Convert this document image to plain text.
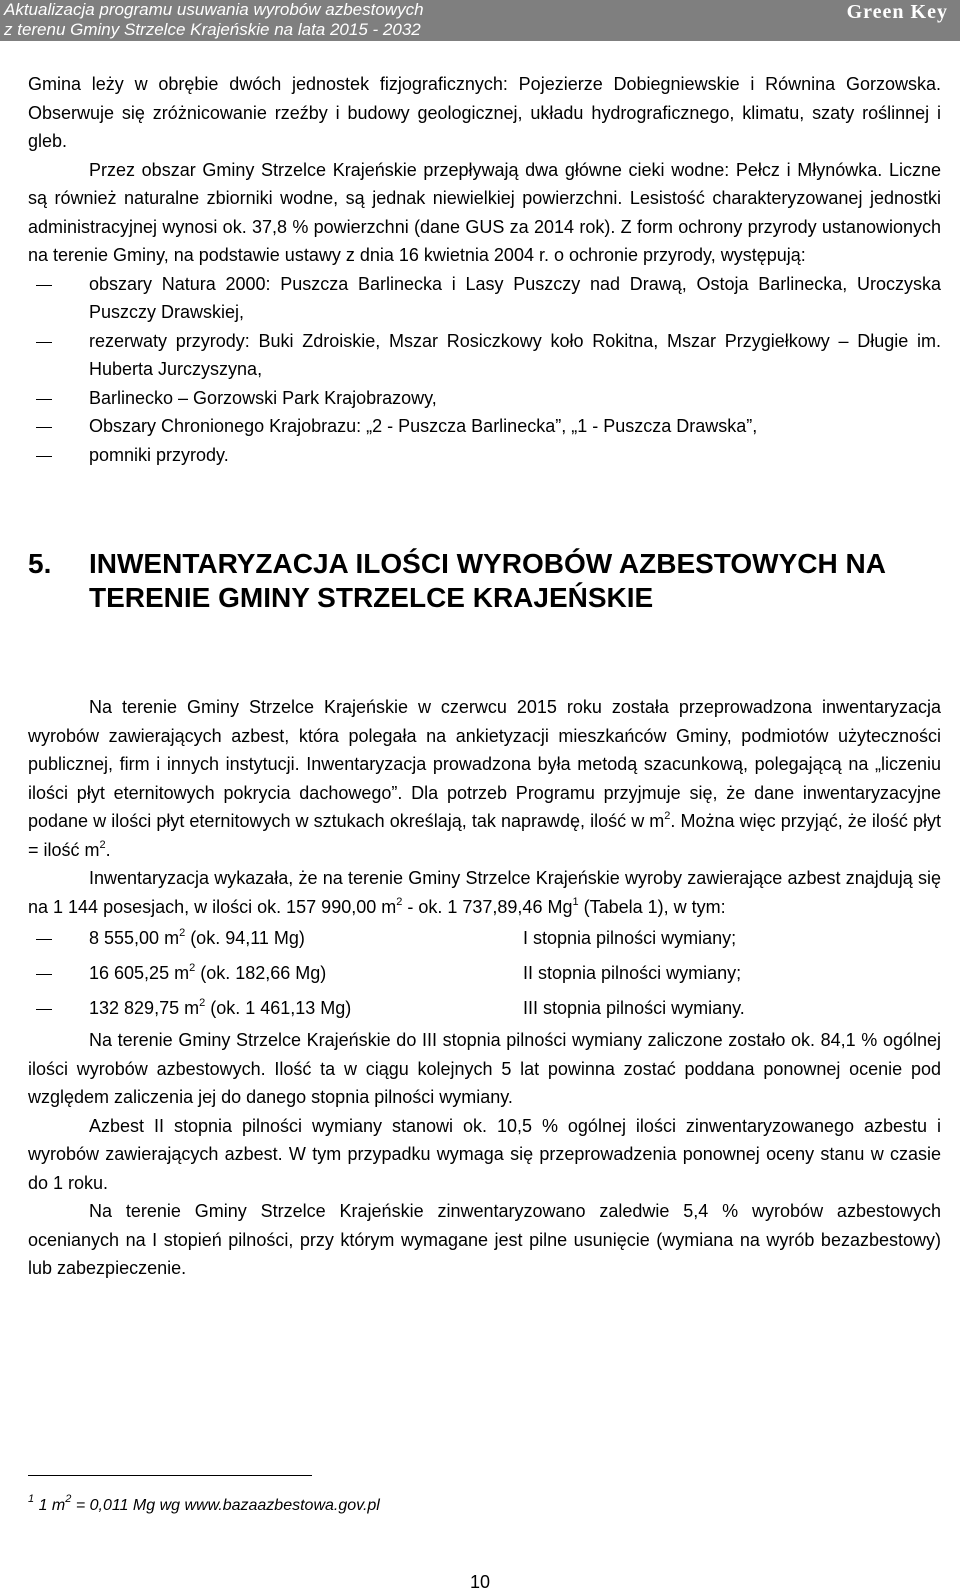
Aktualizacja programu usuwania wyrobów azbestowych
z terenu Gminy Strzelce Krajeńskie na lata 2015 - 2032
Green Key

Gmina leży w obrębie dwóch jednostek fizjograficznych: Pojezierze Dobiegniewskie i Równina Gorzowska. Obserwuje się zróżnicowanie rzeźby i budowy geologicznej, układu hydrograficznego, klimatu, szaty roślinnej i gleb.

Przez obszar Gminy Strzelce Krajeńskie przepływają dwa główne cieki wodne: Pełcz i Młynówka. Liczne są również naturalne zbiorniki wodne, są jednak niewielkiej powierzchni. Lesistość charakteryzowanej jednostki administracyjnej wynosi ok. 37,8 % powierzchni (dane GUS za 2014 rok). Z form ochrony przyrody ustanowionych na terenie Gminy, na podstawie ustawy z dnia 16 kwietnia 2004 r. o ochronie przyrody, występują:

obszary Natura 2000: Puszcza Barlinecka i Lasy Puszczy nad Drawą, Ostoja Barlinecka, Uroczyska Puszczy Drawskiej,
rezerwaty przyrody: Buki Zdroiskie, Mszar Rosiczkowy koło Rokitna, Mszar Przygiełkowy – Długie im. Huberta Jurczyszyna,
Barlinecko – Gorzowski Park Krajobrazowy,
Obszary Chronionego Krajobrazu: „2 - Puszcza Barlinecka”, „1 - Puszcza Drawska”,
pomniki przyrody.
5.	INWENTARYZACJA ILOŚCI WYROBÓW AZBESTOWYCH NA TERENIE GMINY STRZELCE KRAJEŃSKIE

Na terenie Gminy Strzelce Krajeńskie w czerwcu 2015 roku została przeprowadzona inwentaryzacja wyrobów zawierających azbest, która polegała na ankietyzacji mieszkańców Gminy, podmiotów użyteczności publicznej, firm i innych instytucji. Inwentaryzacja prowadzona była metodą szacunkową, polegającą na „liczeniu ilości płyt eternitowych pokrycia dachowego”. Dla potrzeb Programu przyjmuje się, że dane inwentaryzacyjne podane w ilości płyt eternitowych w sztukach określają, tak naprawdę, ilość w $m^2$. Można więc przyjąć, że ilość płyt = ilość $m^2$.

Inwentaryzacja wykazała, że na terenie Gminy Strzelce Krajeńskie wyroby zawierające azbest znajdują się na 1 144 posesjach, w ilości ok. 157 990,00 $m^2$ - ok. 1 737,89,46 Mg$^1$ (Tabela 1), w tym:

8 555,00 $m^2$ (ok. 94,11 Mg)	I stopnia pilności wymiany;
16 605,25 $m^2$ (ok. 182,66 Mg)	II stopnia pilności wymiany;
132 829,75 $m^2$ (ok. 1 461,13 Mg)	III stopnia pilności wymiany.

Na terenie Gminy Strzelce Krajeńskie do III stopnia pilności wymiany zaliczone zostało ok. 84,1 % ogólnej ilości wyrobów azbestowych. Ilość ta w ciągu kolejnych 5 lat powinna zostać poddana ponownej ocenie pod względem zaliczenia jej do danego stopnia pilności wymiany.

Azbest II stopnia pilności wymiany stanowi ok. 10,5 % ogólnej ilości zinwentaryzowanego azbestu i wyrobów zawierających azbest. W tym przypadku wymaga się przeprowadzenia ponownej oceny stanu w czasie do 1 roku.

Na terenie Gminy Strzelce Krajeńskie zinwentaryzowano zaledwie 5,4 % wyrobów azbestowych ocenianych na I stopień pilności, przy którym wymagane jest pilne usunięcie (wymiana na wyrób bezazbestowy) lub zabezpieczenie.

$^1$ 1 $m^2 = 0,011$ Mg wg www.bazaazbestowa.gov.pl
10
